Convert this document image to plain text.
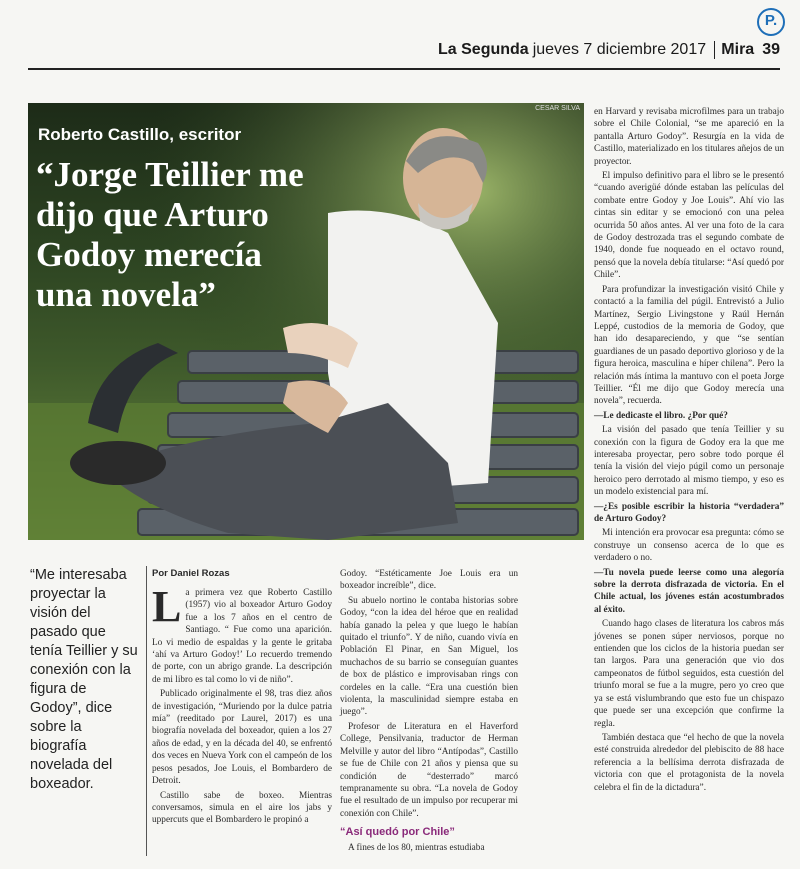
P.
La Segunda jueves 7 diciembre 2017 Mira 39
CESAR SILVA
Roberto Castillo, escritor
“Jorge Teillier me dijo que Arturo Godoy merecía una novela”
“Me interesaba proyectar la visión del pasado que tenía Teillier y su conexión con la figura de Godoy”, dice sobre la biografía novelada del boxeador.
Por Daniel Rozas

La primera vez que Roberto Castillo (1957) vio al boxeador Arturo Godoy fue a los 7 años en el centro de Santiago. “ Fue como una aparición. Lo vi medio de espaldas y la gente le gritaba ‘ahí va Arturo Godoy!’ Lo recuerdo tremendo de porte, con un abrigo grande. La descripción de mi libro es tal como lo vi de niño”.

Publicado originalmente el 98, tras diez años de investigación, “Muriendo por la dulce patria mía” (reeditado por Laurel, 2017) es una biografía novelada del boxeador, quien a los 27 años de edad, y en la década del 40, se enfrentó dos veces en Nueva York con el campeón de los pesos pesados, Joe Louis, el Bombardero de Detroit.

Castillo sabe de boxeo. Mientras conversamos, simula en el aire los jabs y uppercuts que el Bombardero le propinó a

Godoy. “Estéticamente Joe Louis era un boxeador increíble”, dice.

Su abuelo nortino le contaba historias sobre Godoy, “con la idea del héroe que en realidad había ganado la pelea y que luego le habían quitado el triunfo”. Y de niño, cuando vivía en Población El Pinar, en San Miguel, los muchachos de su barrio se conseguían guantes de box de plástico e improvisaban rings con cordeles en la calle. “Era una cuestión bien violenta, la masculinidad siempre estaba en juego”.

Profesor de Literatura en el Haverford College, Pensilvania, traductor de Herman Melville y autor del libro “Antípodas”, Castillo se fue de Chile con 21 años y piensa que su condición de “desterrado” marcó tempranamente su obra. “La novela de Godoy fue el resultado de un impulso por recuperar mi conexión con Chile”.

“Así quedó por Chile”

A fines de los 80, mientras estudiaba

en Harvard y revisaba microfilmes para un trabajo sobre el Chile Colonial, “se me apareció en la pantalla Arturo Godoy”. Resurgía en la vida de Castillo, materializado en los titulares añejos de un proyector.

El impulso definitivo para el libro se le presentó “cuando averigüé dónde estaban las películas del combate entre Godoy y Joe Louis”. Ahí vio las cintas sin editar y se emocionó con una pelea ocurrida 50 años antes. Al ver una foto de la cara de Godoy destrozada tras el segundo combate de 1940, donde fue noqueado en el octavo round, pensó que la novela debía titularse: “Así quedó por Chile”.

Para profundizar la investigación visitó Chile y contactó a la familia del púgil. Entrevistó a Julio Martínez, Sergio Livingstone y Raúl Hernán Leppé, custodios de la memoria de Godoy, que han ido desapareciendo, y que “se sentían guardianes de un pasado deportivo glorioso y de la figura heroica, masculina e híper chilena”. Pero la relación más íntima la mantuvo con el poeta Jorge Teillier. “Él me dijo que Godoy merecía una novela”, recuerda.

—Le dedicaste el libro. ¿Por qué?

La visión del pasado que tenía Teillier y su conexión con la figura de Godoy era la que me interesaba proyectar, pero sobre todo porque él tenía la visión del viejo púgil como un personaje heroico pero derrotado al mismo tiempo, y eso es un modelo existencial para mí.

—¿Es posible escribir la historia “verdadera” de Arturo Godoy?

Mi intención era provocar esa pregunta: cómo se construye un consenso acerca de lo que es verdadero o no.

—Tu novela puede leerse como una alegoría sobre la derrota disfrazada de victoria. En el Chile actual, los jóvenes están acostumbrados al éxito.

Cuando hago clases de literatura los cabros más jóvenes se ponen súper nerviosos, porque no entienden que los ciclos de la historia puedan ser tan largos. Para una generación que vio dos campeonatos de fútbol seguidos, esta cuestión del triunfo moral se fue a la mugre, pero yo creo que ya se está vislumbrando que esto fue un chispazo que puede ser una excepción que confirme la regla.

También destaca que “el hecho de que la novela esté construida alrededor del plebiscito de 88 hace referencia a la bellísima derrota disfrazada de victoria con que el protagonista de la novela celebra el fin de la dictadura”.
